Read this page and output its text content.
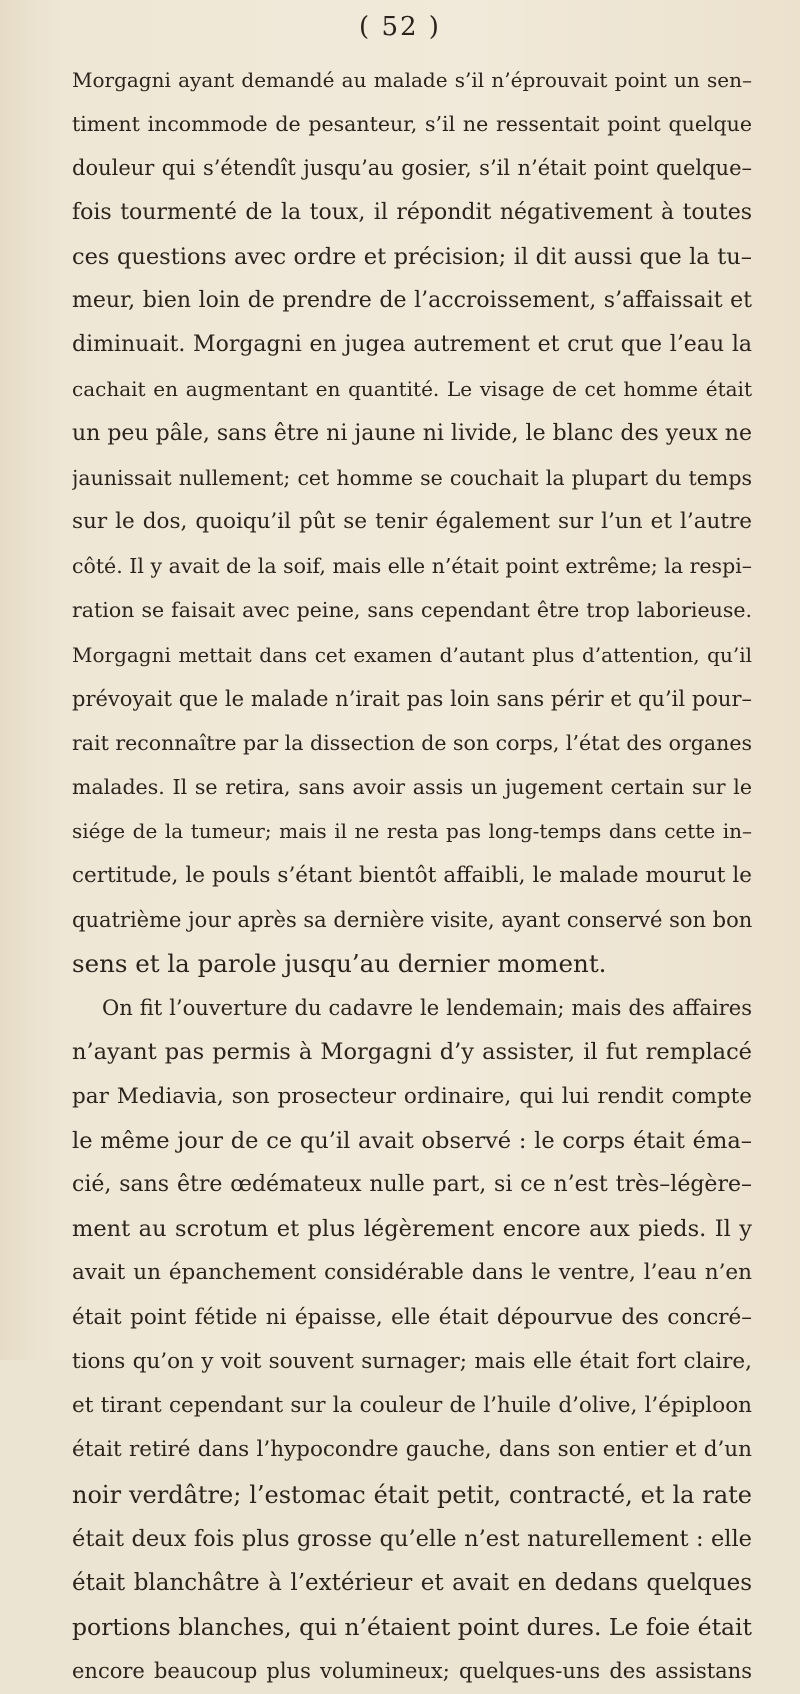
( 52 )
Morgagni ayant demandé au malade s’il n’éprouvait point un sen–
timent incommode de pesanteur, s’il ne ressentait point quelque
douleur qui s’étendît jusqu’au gosier, s’il n’était point quelque–
fois tourmenté de la toux, il répondit négativement à toutes
ces questions avec ordre et précision; il dit aussi que la tu–
meur, bien loin de prendre de l’accroissement, s’affaissait et
diminuait. Morgagni en jugea autrement et crut que l’eau la
cachait en augmentant en quantité. Le visage de cet homme était
un peu pâle, sans être ni jaune ni livide, le blanc des yeux ne
jaunissait nullement; cet homme se couchait la plupart du temps
sur le dos, quoiqu’il pût se tenir également sur l’un et l’autre
côté. Il y avait de la soif, mais elle n’était point extrême; la respi–
ration se faisait avec peine, sans cependant être trop laborieuse.
Morgagni mettait dans cet examen d’autant plus d’attention, qu’il
prévoyait que le malade n’irait pas loin sans périr et qu’il pour–
rait reconnaître par la dissection de son corps, l’état des organes
malades. Il se retira, sans avoir assis un jugement certain sur le
siége de la tumeur; mais il ne resta pas long-temps dans cette in–
certitude, le pouls s’étant bientôt affaibli, le malade mourut le
quatrième jour après sa dernière visite, ayant conservé son bon
sens et la parole jusqu’au dernier moment.
On fit l’ouverture du cadavre le lendemain; mais des affaires
n’ayant pas permis à Morgagni d’y assister, il fut remplacé
par Mediavia, son prosecteur ordinaire, qui lui rendit compte
le même jour de ce qu’il avait observé : le corps était éma–
cié, sans être œdémateux nulle part, si ce n’est très–légère–
ment au scrotum et plus légèrement encore aux pieds. Il y
avait un épanchement considérable dans le ventre, l’eau n’en
était point fétide ni épaisse, elle était dépourvue des concré–
tions qu’on y voit souvent surnager; mais elle était fort claire,
et tirant cependant sur la couleur de l’huile d’olive, l’épiploon
était retiré dans l’hypocondre gauche, dans son entier et d’un
noir verdâtre; l’estomac était petit, contracté, et la rate
était deux fois plus grosse qu’elle n’est naturellement : elle
était blanchâtre à l’extérieur et avait en dedans quelques
portions blanches, qui n’étaient point dures. Le foie était
encore beaucoup plus volumineux; quelques-uns des assistans
